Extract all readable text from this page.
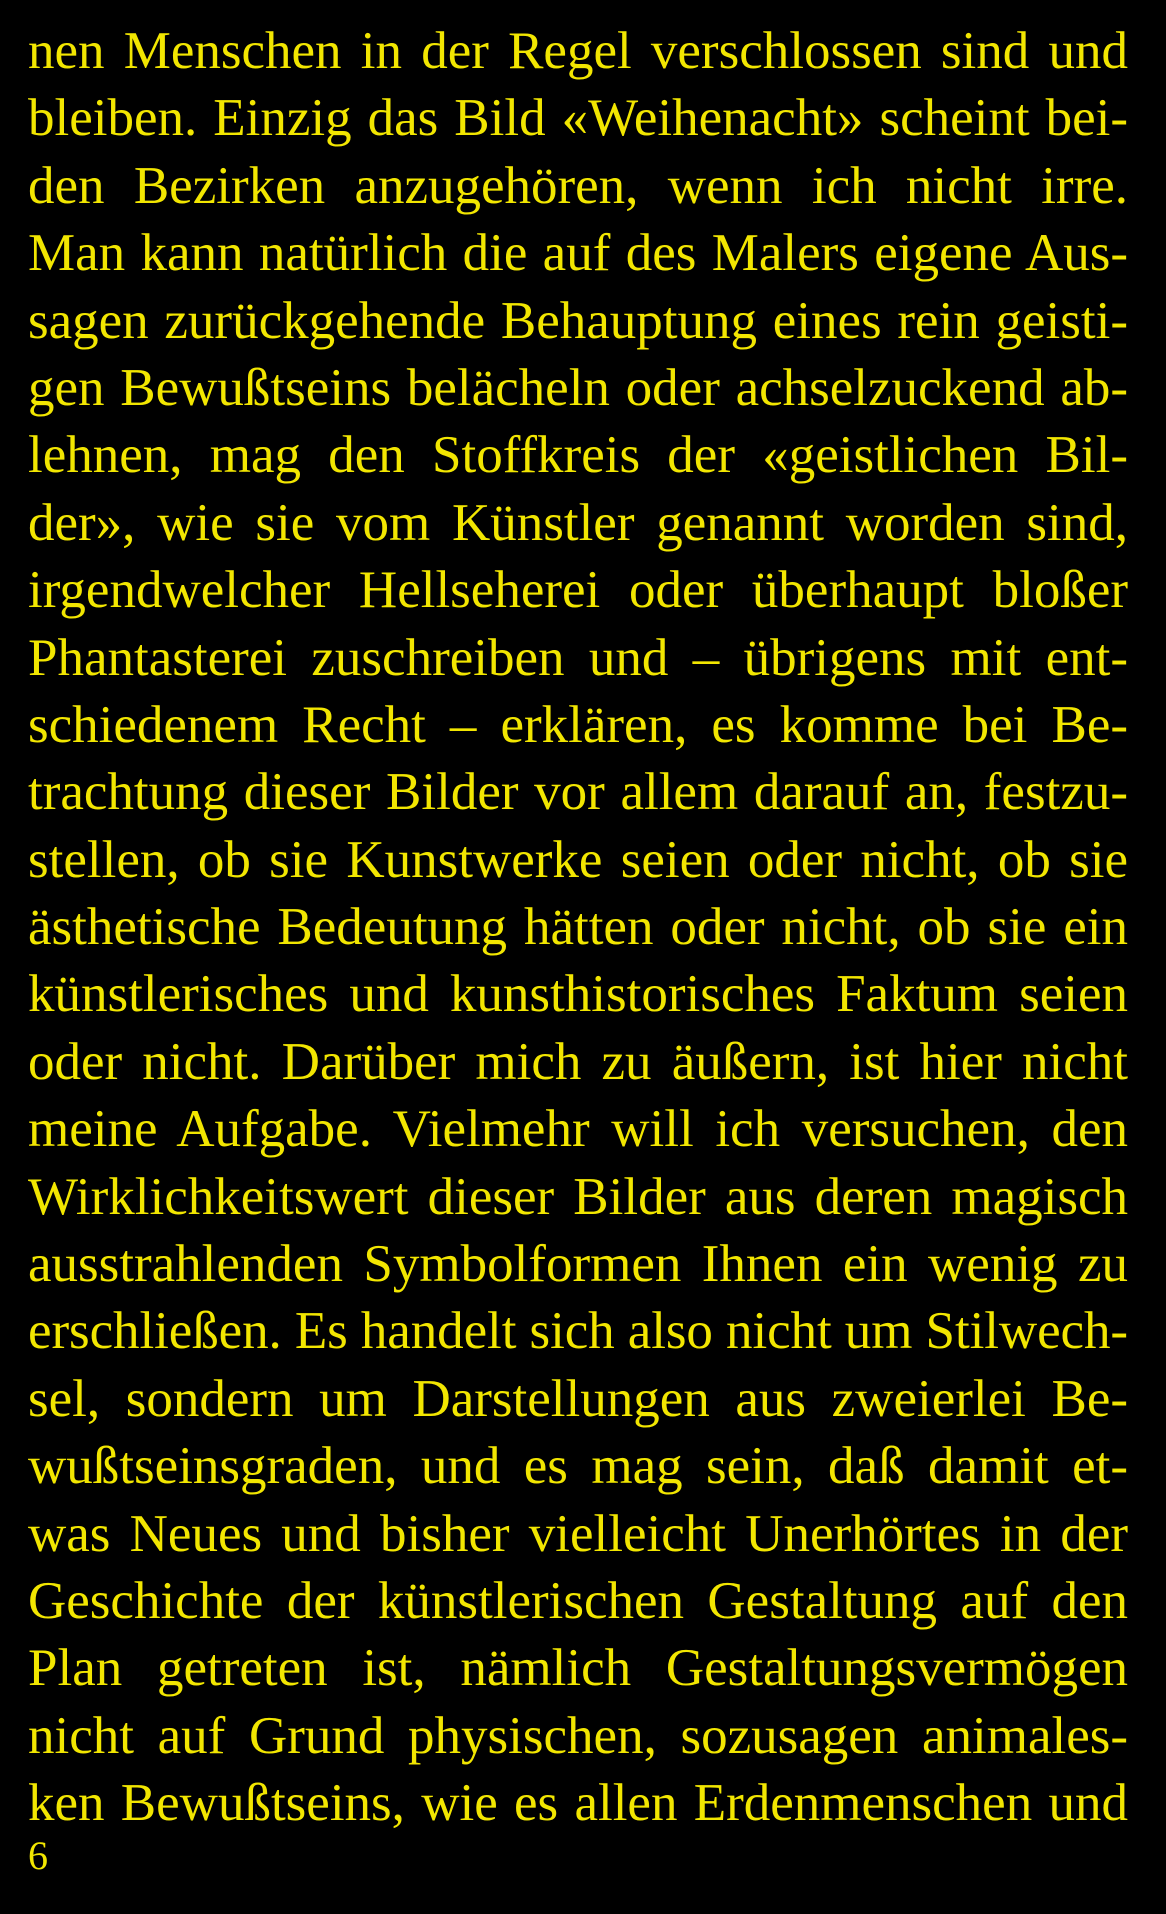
nen Menschen in der Regel verschlossen sind und
bleiben. Einzig das Bild «Weihenacht» scheint bei-
den Bezirken anzugehören, wenn ich nicht irre.
Man kann natürlich die auf des Malers eigene Aus-
sagen zurückgehende Behauptung eines rein geisti-
gen Bewußtseins belächeln oder achselzuckend ab-
lehnen, mag den Stoffkreis der «geistlichen Bil-
der», wie sie vom Künstler genannt worden sind,
irgendwelcher Hellseherei oder überhaupt bloßer
Phantasterei zuschreiben und – übrigens mit ent-
schiedenem Recht – erklären, es komme bei Be-
trachtung dieser Bilder vor allem darauf an, festzu-
stellen, ob sie Kunstwerke seien oder nicht, ob sie
ästhetische Bedeutung hätten oder nicht, ob sie ein
künstlerisches und kunsthistorisches Faktum seien
oder nicht. Darüber mich zu äußern, ist hier nicht
meine Aufgabe. Vielmehr will ich versuchen, den
Wirklichkeitswert dieser Bilder aus deren magisch
ausstrahlenden Symbolformen Ihnen ein wenig zu
erschließen. Es handelt sich also nicht um Stilwech-
sel, sondern um Darstellungen aus zweierlei Be-
wußtseinsgraden, und es mag sein, daß damit et-
was Neues und bisher vielleicht Unerhörtes in der
Geschichte der künstlerischen Gestaltung auf den
Plan getreten ist, nämlich Gestaltungsvermögen
nicht auf Grund physischen, sozusagen animales-
ken Bewußtseins, wie es allen Erdenmenschen und
6
